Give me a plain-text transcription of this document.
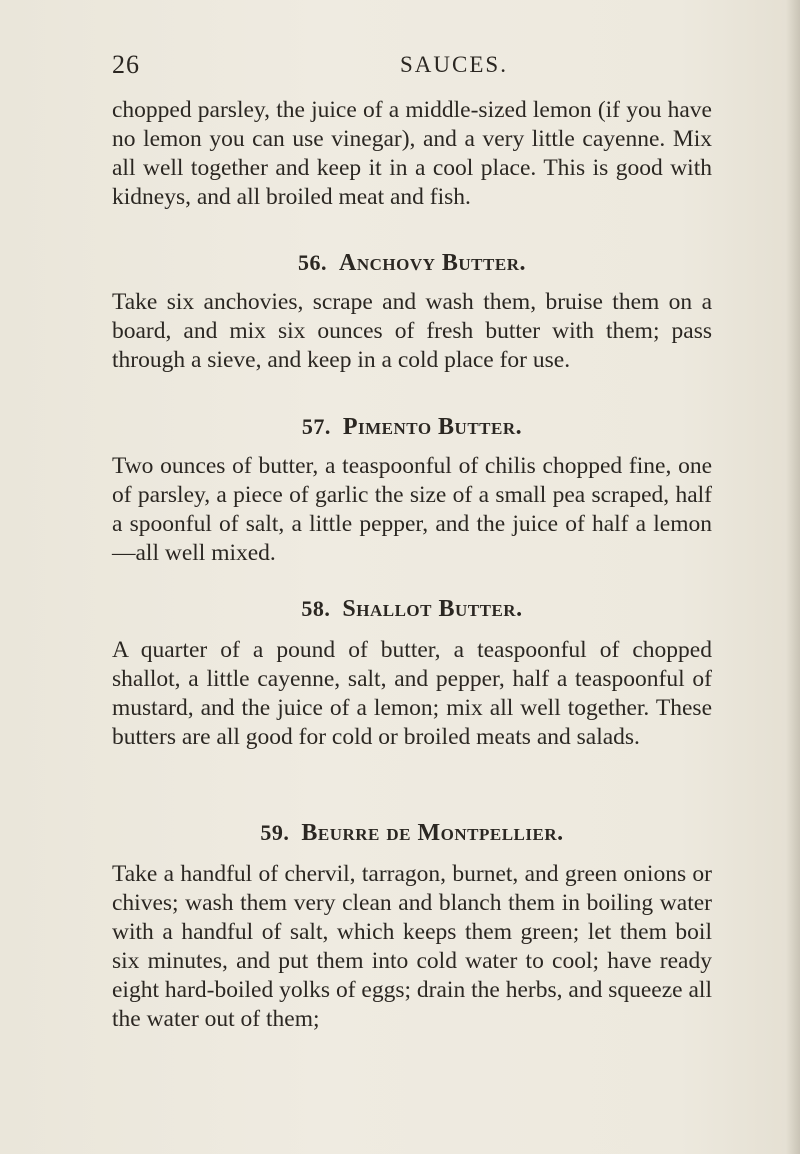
26	SAUCES.

chopped parsley, the juice of a middle-sized lemon (if you have no lemon you can use vinegar), and a very little cayenne. Mix all well together and keep it in a cool place. This is good with kidneys, and all broiled meat and fish.

56. Anchovy Butter.

Take six anchovies, scrape and wash them, bruise them on a board, and mix six ounces of fresh butter with them; pass through a sieve, and keep in a cold place for use.

57. Pimento Butter.

Two ounces of butter, a teaspoonful of chilis chopped fine, one of parsley, a piece of garlic the size of a small pea scraped, half a spoonful of salt, a little pepper, and the juice of half a lemon—all well mixed.

58. Shallot Butter.

A quarter of a pound of butter, a teaspoonful of chopped shallot, a little cayenne, salt, and pepper, half a teaspoonful of mustard, and the juice of a lemon; mix all well together. These butters are all good for cold or broiled meats and salads.

59. Beurre de Montpellier.

Take a handful of chervil, tarragon, burnet, and green onions or chives; wash them very clean and blanch them in boiling water with a handful of salt, which keeps them green; let them boil six minutes, and put them into cold water to cool; have ready eight hard-boiled yolks of eggs; drain the herbs, and squeeze all the water out of them;
